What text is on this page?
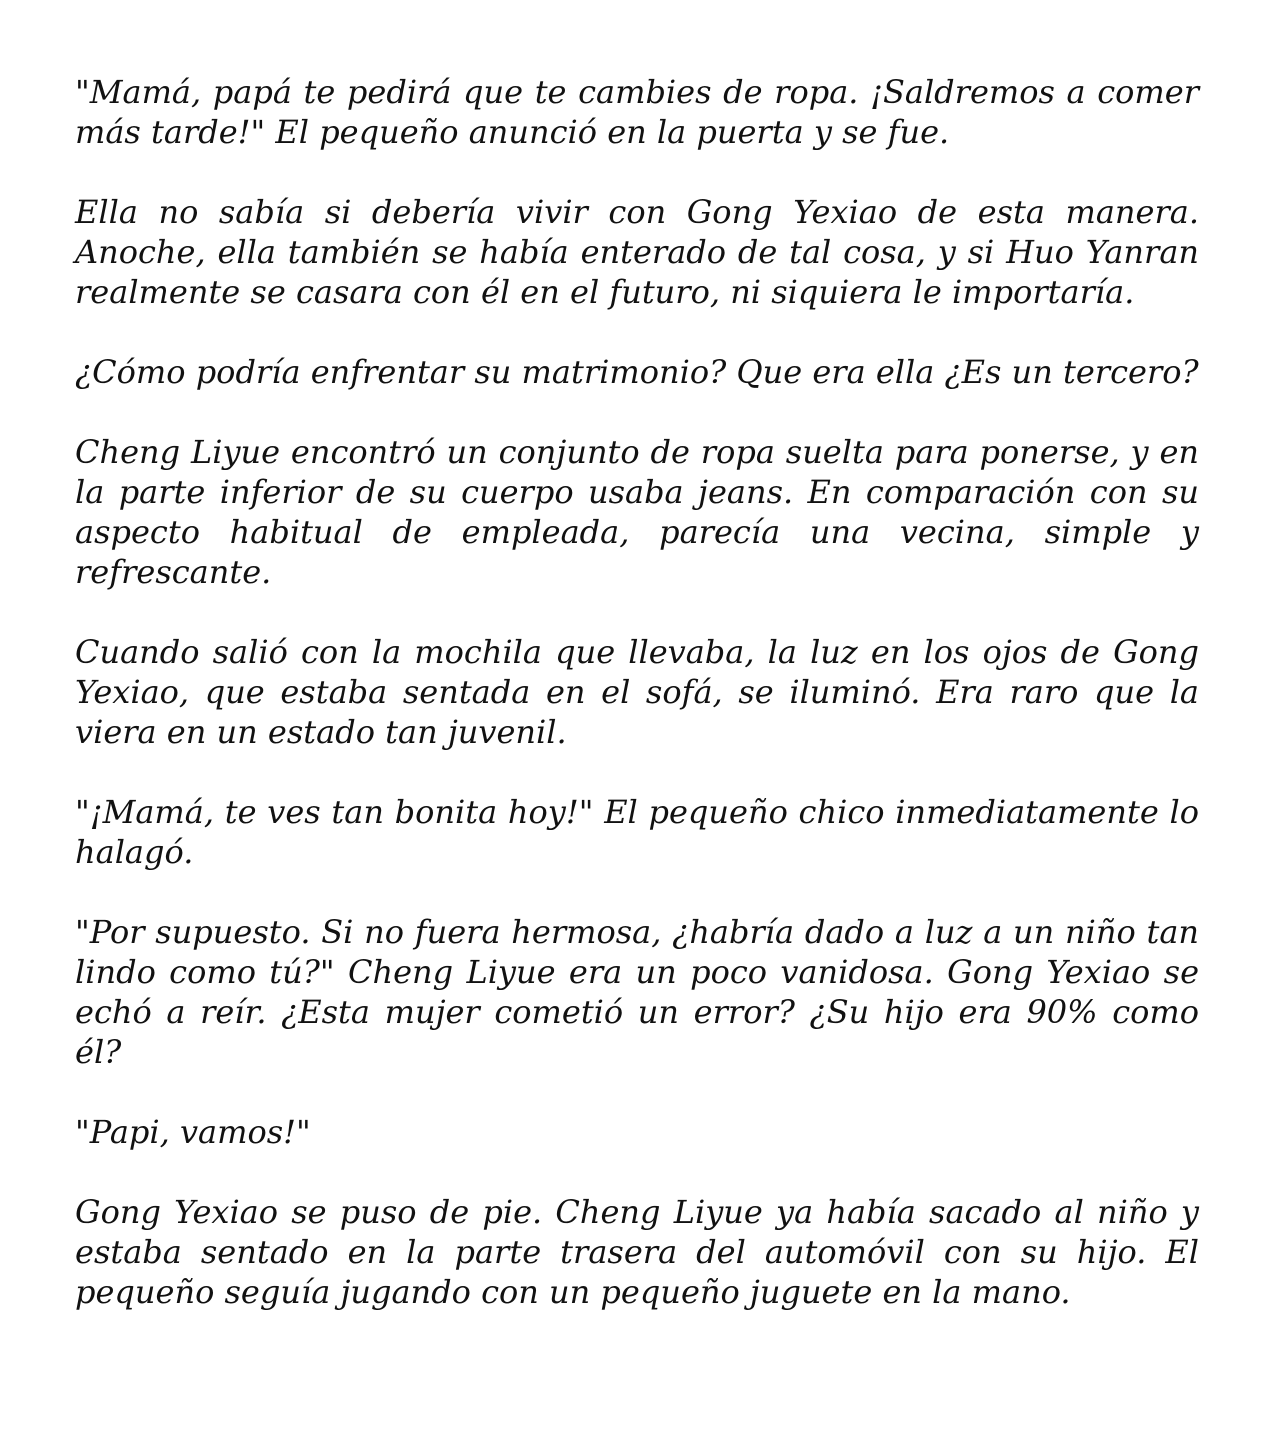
"Mamá, papá te pedirá que te cambies de ropa. ¡Saldremos a comer más tarde!" El pequeño anunció en la puerta y se fue.

Ella no sabía si debería vivir con Gong Yexiao de esta manera. Anoche, ella también se había enterado de tal cosa, y si Huo Yanran realmente se casara con él en el futuro, ni siquiera le importaría.

¿Cómo podría enfrentar su matrimonio? Que era ella ¿Es un tercero?

Cheng Liyue encontró un conjunto de ropa suelta para ponerse, y en la parte inferior de su cuerpo usaba jeans. En comparación con su aspecto habitual de empleada, parecía una vecina, simple y refrescante.

Cuando salió con la mochila que llevaba, la luz en los ojos de Gong Yexiao, que estaba sentada en el sofá, se iluminó. Era raro que la viera en un estado tan juvenil.

"¡Mamá, te ves tan bonita hoy!" El pequeño chico inmediatamente lo halagó.

"Por supuesto. Si no fuera hermosa, ¿habría dado a luz a un niño tan lindo como tú?" Cheng Liyue era un poco vanidosa. Gong Yexiao se echó a reír. ¿Esta mujer cometió un error? ¿Su hijo era 90% como él?

"Papi, vamos!"

Gong Yexiao se puso de pie. Cheng Liyue ya había sacado al niño y estaba sentado en la parte trasera del automóvil con su hijo. El pequeño seguía jugando con un pequeño juguete en la mano.
